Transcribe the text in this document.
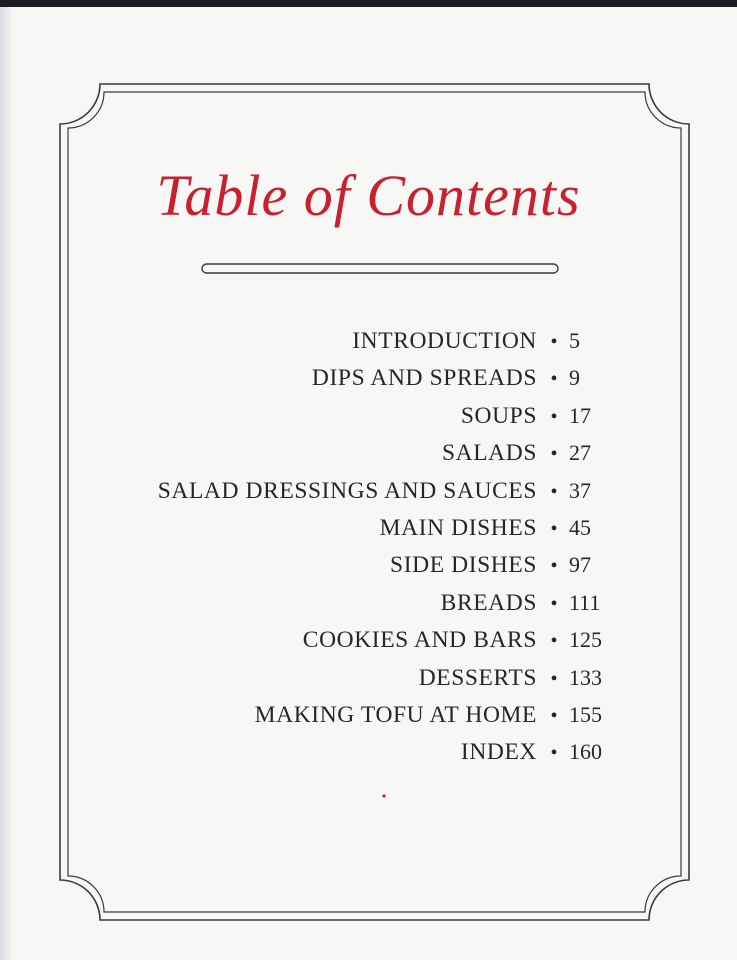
Table of Contents
INTRODUCTION • 5
DIPS AND SPREADS • 9
SOUPS • 17
SALADS • 27
SALAD DRESSINGS AND SAUCES • 37
MAIN DISHES • 45
SIDE DISHES • 97
BREADS • 111
COOKIES AND BARS • 125
DESSERTS • 133
MAKING TOFU AT HOME • 155
INDEX • 160
